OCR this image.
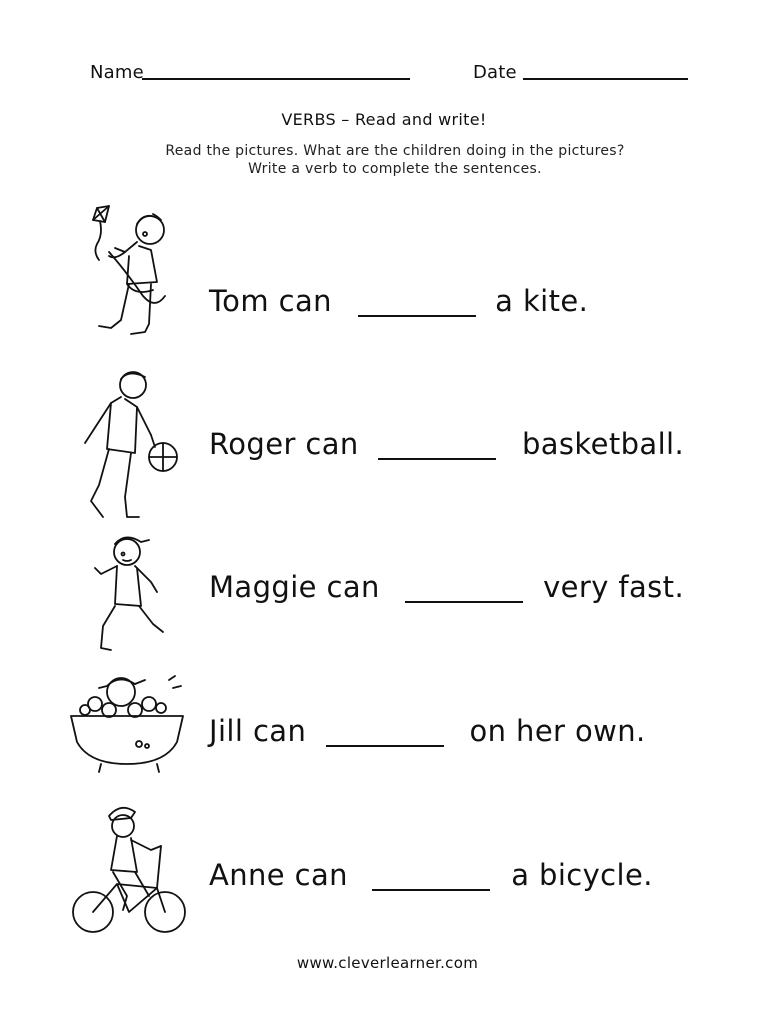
Name	Date
VERBS – Read and write!
Read the pictures. What are the children doing in the pictures?
Write a verb to complete the sentences.
Tom can	a kite.
Roger can	basketball.
Maggie can	very fast.
Jill can	on her own.
Anne can	a bicycle.
www.cleverlearner.com
